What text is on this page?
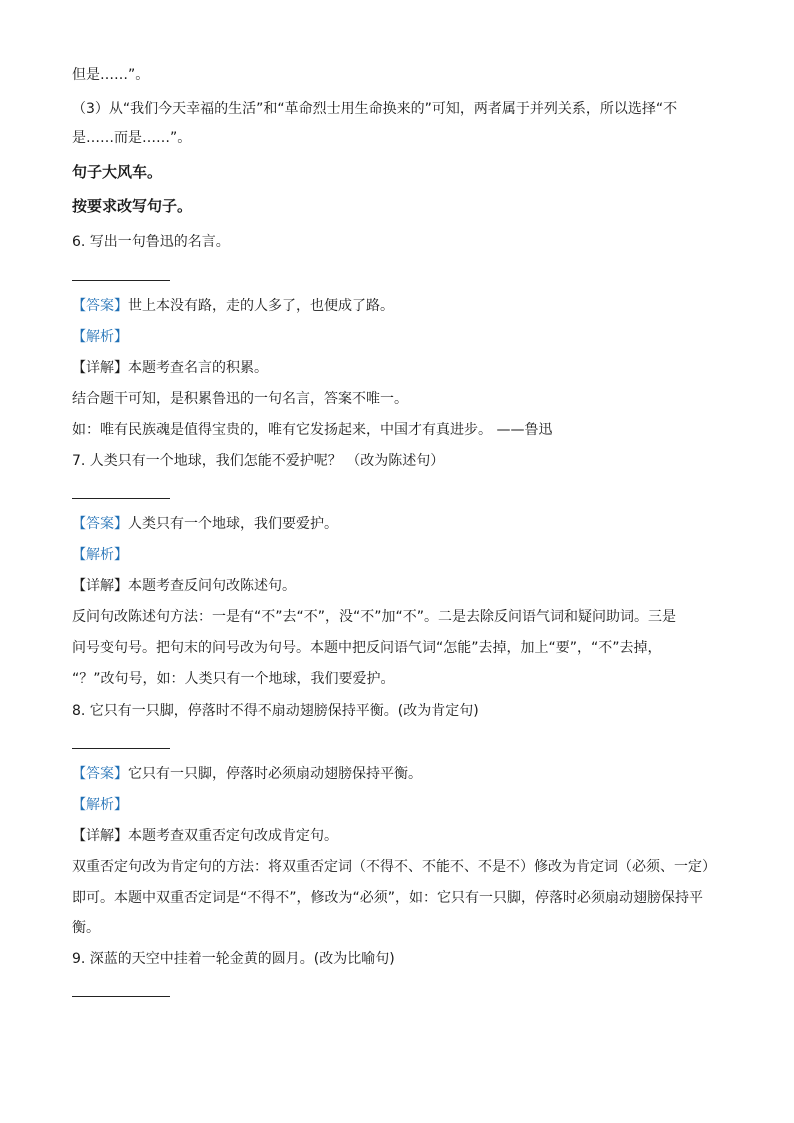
但是……”。
（3）从“我们今天幸福的生活”和“革命烈士用生命换来的”可知，两者属于并列关系，所以选择“不
是……而是……”。
句子大风车。
按要求改写句子。
6. 写出一句鲁迅的名言。
【答案】世上本没有路，走的人多了，也便成了路。
【解析】
【详解】本题考查名言的积累。
结合题干可知，是积累鲁迅的一句名言，答案不唯一。
如：唯有民族魂是值得宝贵的，唯有它发扬起来，中国才有真进步。 ——鲁迅
7. 人类只有一个地球，我们怎能不爱护呢？ （改为陈述句）
【答案】人类只有一个地球，我们要爱护。
【解析】
【详解】本题考查反问句改陈述句。
反问句改陈述句方法：一是有“不”去“不”，没“不”加“不”。二是去除反问语气词和疑问助词。三是
问号变句号。把句末的问号改为句号。本题中把反问语气词“怎能”去掉，加上“要”，“不”去掉，
“？”改句号，如：人类只有一个地球，我们要爱护。
8. 它只有一只脚，停落时不得不扇动翅膀保持平衡。(改为肯定句)
【答案】它只有一只脚，停落时必须扇动翅膀保持平衡。
【解析】
【详解】本题考查双重否定句改成肯定句。
双重否定句改为肯定句的方法：将双重否定词（不得不、不能不、不是不）修改为肯定词（必须、一定）
即可。本题中双重否定词是“不得不”，修改为“必须”，如：它只有一只脚，停落时必须扇动翅膀保持平
衡。
9. 深蓝的天空中挂着一轮金黄的圆月。(改为比喻句)
